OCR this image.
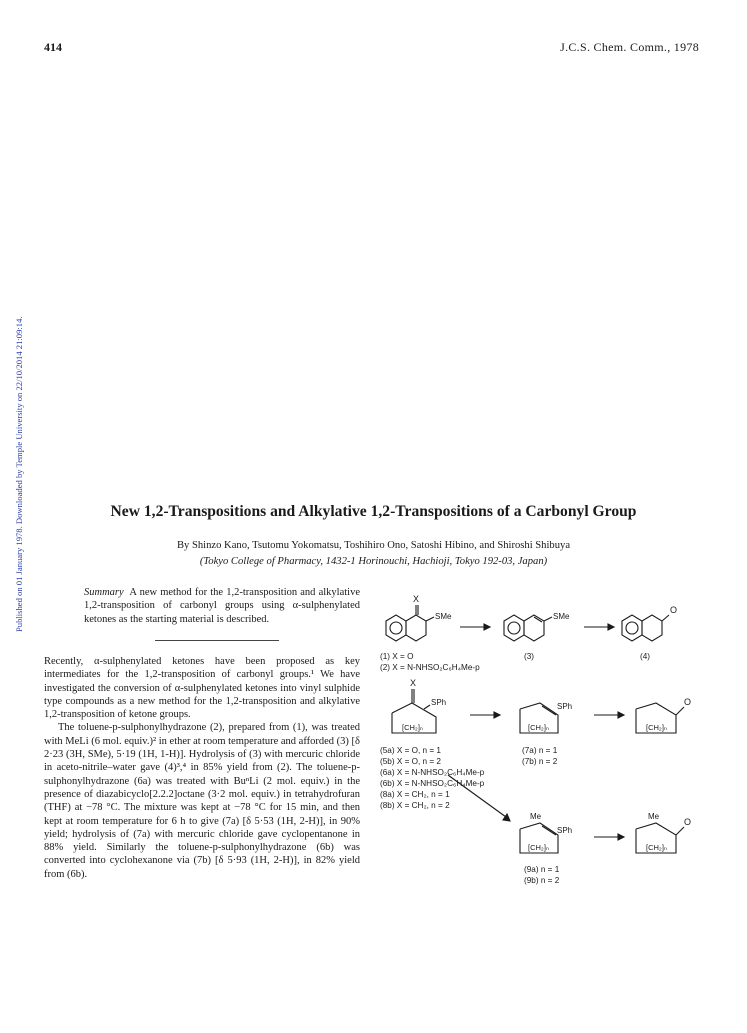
414	J.C.S. Chem. Comm., 1978
Published on 01 January 1978. Downloaded by Temple University on 22/10/2014 21:09:14.	New 1,2-Transpositions and Alkylative 1,2-Transpositions of a Carbonyl Group
By Shinzo Kano, Tsutomu Yokomatsu, Toshihiro Ono, Satoshi Hibino, and Shiroshi Shibuya
(Tokyo College of Pharmacy, 1432-1 Horinouchi, Hachioji, Tokyo 192-03, Japan)
Summary A new method for the 1,2-transposition and alkylative 1,2-transposition of carbonyl groups using α-sulphenylated ketones as the starting material is described.

Recently, α-sulphenylated ketones have been proposed as key intermediates for the 1,2-transposition of carbonyl groups.¹ We have investigated the conversion of α-sulphenylated ketones into vinyl sulphide type compounds as a new method for the 1,2-transposition and alkylative 1,2-transposition of ketone groups.

The toluene-p-sulphonylhydrazone (2), prepared from (1), was treated with MeLi (6 mol. equiv.)² in ether at room temperature and afforded (3) [δ 2·23 (3H, SMe), 5·19 (1H, 1-H)]. Hydrolysis of (3) with mercuric chloride in aceto-nitrile–water gave (4)³,⁴ in 85% yield from (2). The toluene-p-sulphonylhydrazone (6a) was treated with BuⁿLi (2 mol. equiv.) in the presence of diazabicyclo[2.2.2]octane (3·2 mol. equiv.) in tetrahydrofuran (THF) at −78 °C. The mixture was kept at −78 °C for 15 min, and then kept at room temperature for 6 h to give (7a) [δ 5·53 (1H, 2-H)], in 90% yield; hydrolysis of (7a) with mercuric chloride gave cyclopentanone in 88% yield. Similarly the toluene-p-sulphonylhydrazone (6b) was converted into cyclohexanone via (7b) [δ 5·93 (1H, 2-H)], in 82% yield from (6b).

X
SMe	SMe
O
(1) X = O
(2) X = N-NHSO₂C₆H₄Me-p
(3)	(4)
X
SPh
[CH₂]ₙ
SPh
[CH₂]ₙ
O
[CH₂]ₙ
(5a) X = O, n = 1
(5b) X = O, n = 2
(6a) X = N-NHSO₂C₆H₄Me-p
(6b) X = N-NHSO₂C₆H₄Me-p
(8a) X = CH₂, n = 1
(8b) X = CH₂, n = 2
(7a) n = 1
(7b) n = 2
Me
SPh
[CH₂]ₙ
Me
O
[CH₂]ₙ
(9a) n = 1
(9b) n = 2
